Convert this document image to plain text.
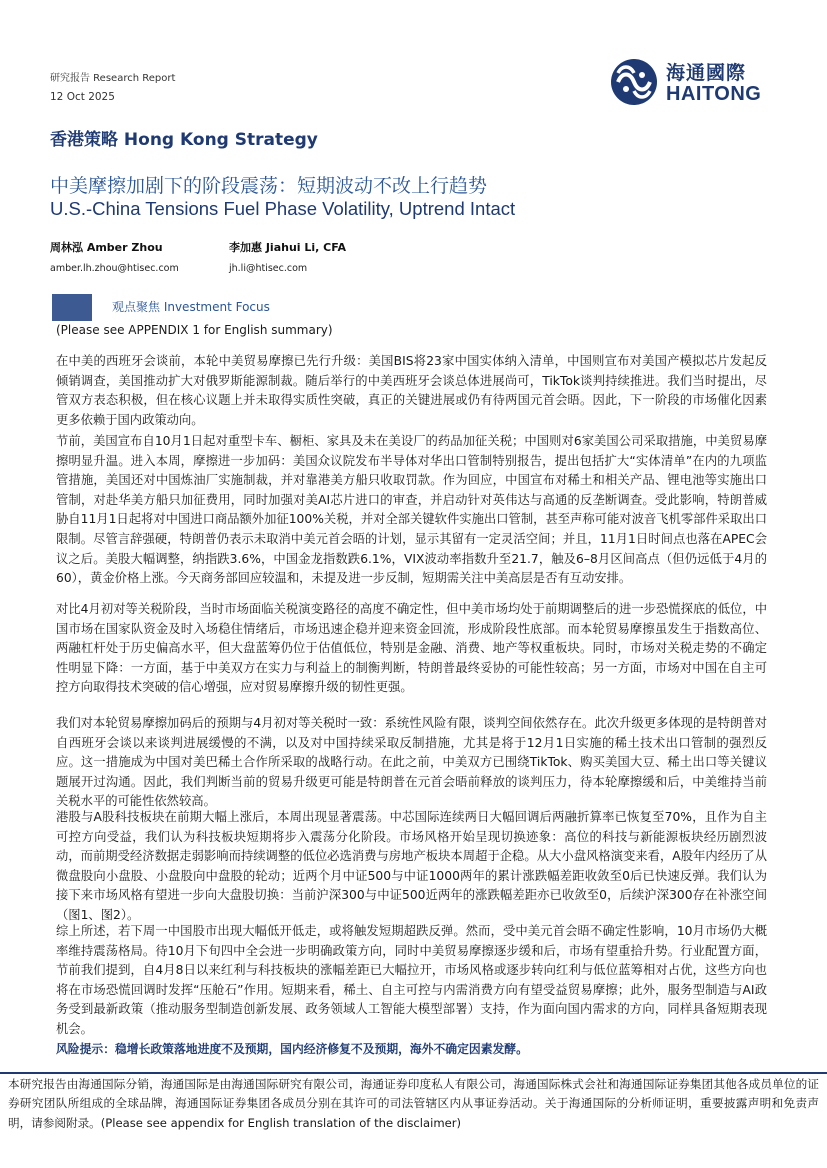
研究报告 Research Report
12 Oct 2025
海通國際
HAITONG
香港策略 Hong Kong Strategy
中美摩擦加剧下的阶段震荡：短期波动不改上行趋势
U.S.-China Tensions Fuel Phase Volatility, Uptrend Intact
周林泓 Amber Zhou
amber.lh.zhou@htisec.com
李加惠 Jiahui Li, CFA
jh.li@htisec.com
观点聚焦 Investment Focus
(Please see APPENDIX 1 for English summary)

在中美的西班牙会谈前，本轮中美贸易摩擦已先行升级：美国BIS将23家中国实体纳入清单，中国则宣布对美国产模拟芯片发起反倾销调查，美国推动扩大对俄罗斯能源制裁。随后举行的中美西班牙会谈总体进展尚可，TikTok谈判持续推进。我们当时提出，尽管双方表态积极，但在核心议题上并未取得实质性突破，真正的关键进展或仍有待两国元首会晤。因此，下一阶段的市场催化因素更多依赖于国内政策动向。

节前，美国宣布自10月1日起对重型卡车、橱柜、家具及未在美设厂的药品加征关税；中国则对6家美国公司采取措施，中美贸易摩擦明显升温。进入本周，摩擦进一步加码：美国众议院发布半导体对华出口管制特别报告，提出包括扩大“实体清单”在内的九项监管措施，美国还对中国炼油厂实施制裁，并对靠港美方船只收取罚款。作为回应，中国宣布对稀土和相关产品、锂电池等实施出口管制，对赴华美方船只加征费用，同时加强对美AI芯片进口的审查，并启动针对英伟达与高通的反垄断调查。受此影响，特朗普威胁自11月1日起将对中国进口商品额外加征100%关税，并对全部关键软件实施出口管制，甚至声称可能对波音飞机零部件采取出口限制。尽管言辞强硬，特朗普仍表示未取消中美元首会晤的计划，显示其留有一定灵活空间；并且，11月1日时间点也落在APEC会议之后。美股大幅调整，纳指跌3.6%，中国金龙指数跌6.1%，VIX波动率指数升至21.7，触及6–8月区间高点（但仍远低于4月的60），黄金价格上涨。今天商务部回应较温和，未提及进一步反制，短期需关注中美高层是否有互动安排。

对比4月初对等关税阶段，当时市场面临关税演变路径的高度不确定性，但中美市场均处于前期调整后的进一步恐慌探底的低位，中国市场在国家队资金及时入场稳住情绪后，市场迅速企稳并迎来资金回流，形成阶段性底部。而本轮贸易摩擦虽发生于指数高位、两融杠杆处于历史偏高水平，但大盘蓝筹仍位于估值低位，特别是金融、消费、地产等权重板块。同时，市场对关税走势的不确定性明显下降：一方面，基于中美双方在实力与利益上的制衡判断，特朗普最终妥协的可能性较高；另一方面，市场对中国在自主可控方向取得技术突破的信心增强，应对贸易摩擦升级的韧性更强。

我们对本轮贸易摩擦加码后的预期与4月初对等关税时一致：系统性风险有限，谈判空间依然存在。此次升级更多体现的是特朗普对自西班牙会谈以来谈判进展缓慢的不满，以及对中国持续采取反制措施，尤其是将于12月1日实施的稀土技术出口管制的强烈反应。这一措施成为中国对美巴稀土合作所采取的战略行动。在此之前，中美双方已围绕TikTok、购买美国大豆、稀土出口等关键议题展开过沟通。因此，我们判断当前的贸易升级更可能是特朗普在元首会晤前释放的谈判压力，待本轮摩擦缓和后，中美维持当前关税水平的可能性依然较高。

港股与A股科技板块在前期大幅上涨后，本周出现显著震荡。中芯国际连续两日大幅回调后两融折算率已恢复至70%，且作为自主可控方向受益，我们认为科技板块短期将步入震荡分化阶段。市场风格开始呈现切换迹象：高位的科技与新能源板块经历剧烈波动，而前期受经济数据走弱影响而持续调整的低位必选消费与房地产板块本周超于企稳。从大小盘风格演变来看，A股年内经历了从微盘股向小盘股、小盘股向中盘股的轮动；近两个月中证500与中证1000两年的累计涨跌幅差距收敛至0后已快速反弹。我们认为接下来市场风格有望进一步向大盘股切换：当前沪深300与中证500近两年的涨跌幅差距亦已收敛至0，后续沪深300存在补涨空间（图1、图2）。

综上所述，若下周一中国股市出现大幅低开低走，或将触发短期超跌反弹。然而，受中美元首会晤不确定性影响，10月市场仍大概率维持震荡格局。待10月下旬四中全会进一步明确政策方向，同时中美贸易摩擦逐步缓和后，市场有望重拾升势。行业配置方面，节前我们提到，自4月8日以来红利与科技板块的涨幅差距已大幅拉开，市场风格或逐步转向红利与低位蓝筹相对占优，这些方向也将在市场恐慌回调时发挥“压舱石”作用。短期来看，稀土、自主可控与内需消费方向有望受益贸易摩擦；此外，服务型制造与AI政务受到最新政策（推动服务型制造创新发展、政务领域人工智能大模型部署）支持，作为面向国内需求的方向，同样具备短期表现机会。

风险提示：稳增长政策落地进度不及预期，国内经济修复不及预期，海外不确定因素发酵。
本研究报告由海通国际分销，海通国际是由海通国际研究有限公司，海通证券印度私人有限公司，海通国际株式会社和海通国际证券集团其他各成员单位的证券研究团队所组成的全球品牌，海通国际证券集团各成员分别在其许可的司法管辖区内从事证券活动。关于海通国际的分析师证明，重要披露声明和免责声明，请参阅附录。(Please see appendix for English translation of the disclaimer)
